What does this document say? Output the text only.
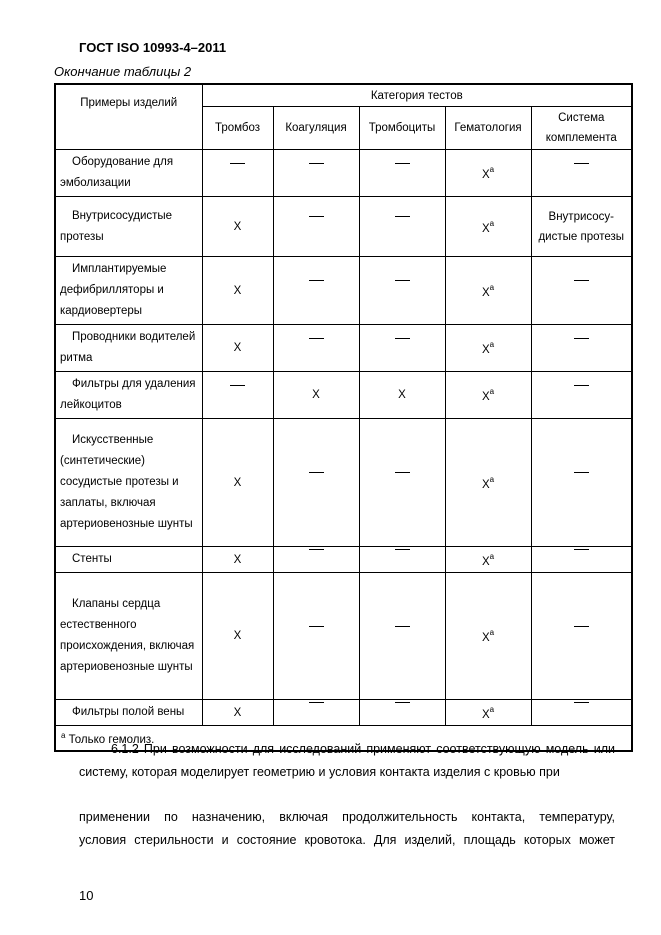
ГОСТ ISO 10993-4–2011
Окончание таблицы 2
Примеры изделий	Категория тестов				
	Тромбоз	Коагуляция	Тромбоциты	Гематология	Система комплемента

Оборудование для эмболизации				$X^a$	

Внутрисосудистые протезы	X			$X^a$	Внутрисосу-дистые протезы

Имплантируемые дефибрилляторы и кардиовертеры	X			$X^a$	

Проводники водителей ритма	X			$X^a$	

Фильтры для удаления лейкоцитов		X	X	$X^a$	

Искусственные (синтетические) сосудистые протезы и заплаты, включая артериовенозные шунты	X			$X^a$	

Стенты	X			$X^a$	

Клапаны сердца естественного происхождения, включая артериовенозные шунты	X			$X^a$	

Фильтры полой вены	X			$X^a$	
$^a$ Только гемолиз.					
6.1.2 При возможности для исследований применяют соответствующую модель или систему, которая моделирует геометрию и условия контакта изделия с кровью при
применении по назначению, включая продолжительность контакта, температуру,
условия стерильности и состояние кровотока. Для изделий, площадь которых может
10
